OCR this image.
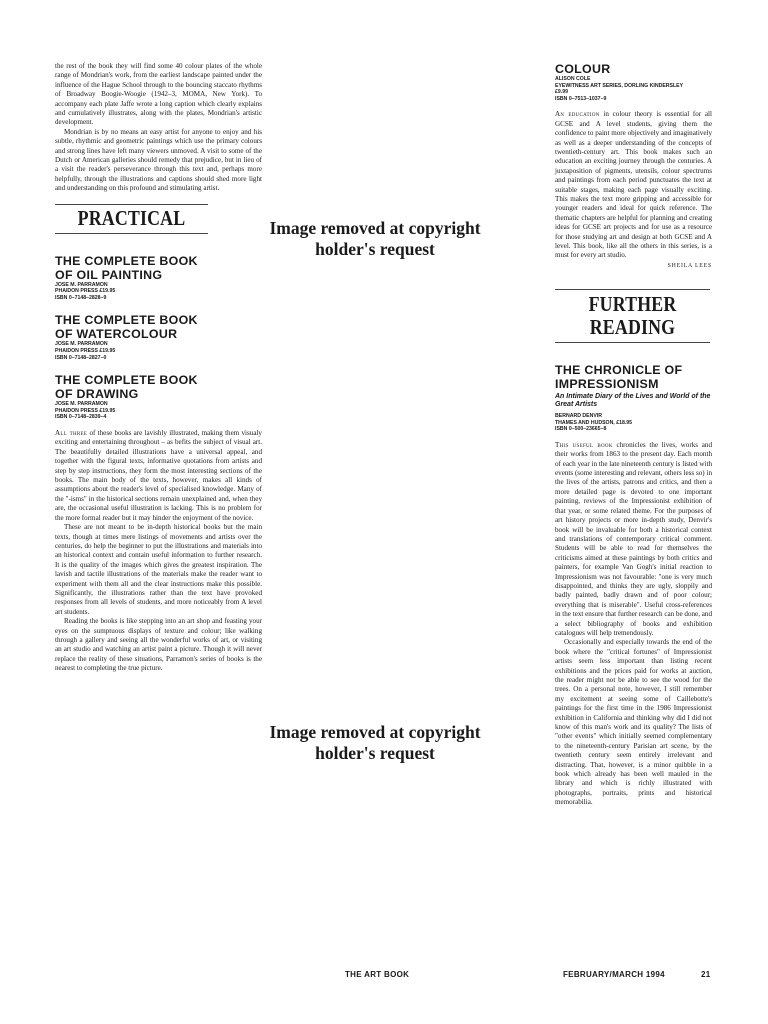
the rest of the book they will find some 40 colour plates of the whole range of Mondrian's work, from the earliest landscape painted under the influence of the Hague School through to the bouncing staccato rhythms of Broadway Boogie-Woogie (1942–3, MOMA, New York). To accompany each plate Jaffe wrote a long caption which clearly explains and cumulatively illustrates, along with the plates, Mondrian's artistic development.

Mondrian is by no means an easy artist for anyone to enjoy and his subtle, rhythmic and geometric paintings which use the primary colours and strong lines have left many viewers unmoved. A visit to some of the Dutch or American galleries should remedy that prejudice, but in lieu of a visit the reader's perseverance through this text and, perhaps more helpfully, through the illustrations and captions should shed more light and understanding on this profound and stimulating artist.

PRACTICAL

THE COMPLETE BOOK OF OIL PAINTING

JOSE M. PARRAMON

PHAIDON PRESS £19.95

ISBN 0–7148–2828–9

THE COMPLETE BOOK OF WATERCOLOUR

JOSE M. PARRAMON

PHAIDON PRESS £19.95

ISBN 0–7148–2827–0

THE COMPLETE BOOK OF DRAWING

JOSE M. PARRAMON

PHAIDON PRESS £19.95

ISBN 0–7148–2839–4

All three of these books are lavishly illustrated, making them visualy exciting and entertaining throughout – as befits the subject of visual art. The beautifully detailed illustrations have a universal appeal, and together with the figural texts, informative quotations from artists and step by step instructions, they form the most interesting sections of the books. The main body of the texts, however, makes all kinds of assumptions about the reader's level of specialised knowledge. Many of the "-isms" in the historical sections remain unexplained and, when they are, the occasional useful illustration is lacking. This is no problem for the more formal reader but it may hinder the enjoyment of the novice.

These are not meant to be in-depth historical books but the main texts, though at times mere listings of movements and artists over the centuries, do help the beginner to put the illustrations and materials into an historical context and contain useful information to further research. It is the quality of the images which gives the greatest inspiration. The lavish and tactile illustrations of the materials make the reader want to experiment with them all and the clear instructions make this possible. Significantly, the illustrations rather than the text have provoked responses from all levels of students, and more noticeably from A level art students.

Reading the books is like stepping into an art shop and feasting your eyes on the sumptuous displays of texture and colour; like walking through a gallery and seeing all the wonderful works of art, or visiting an art studio and watching an artist paint a picture. Though it will never replace the reality of these situations, Parramon's series of books is the nearest to completing the true picture.

Image removed at copyright holder's request
Image removed at copyright holder's request

COLOUR

ALISON COLE

EYEWITNESS ART SERIES, DORLING KINDERSLEY

£9.99

ISBN 0–7513–1037–9

An education in colour theory is essential for all GCSE and A level students, giving them the confidence to paint more objectively and imaginatively as well as a deeper understanding of the concepts of twentieth-century art. This book makes such an education an exciting journey through the centuries. A juxtaposition of pigments, utensils, colour spectrums and paintings from each period punctuates the text at suitable stages, making each page visually exciting. This makes the text more gripping and accessible for younger readers and ideal for quick reference. The thematic chapters are helpful for planning and creating ideas for GCSE art projects and for use as a resource for those studying art and design at both GCSE and A level. This book, like all the others in this series, is a must for every art studio.

SHEILA LEES
FURTHER
READING

THE CHRONICLE OF IMPRESSIONISM

An Intimate Diary of the Lives and World of the Great Artists

BERNARD DENVIR

THAMES AND HUDSON, £18.95

ISBN 0–500–23665–8

This useful book chronicles the lives, works and their works from 1863 to the present day. Each month of each year in the late nineteenth century is listed with events (some interesting and relevant, others less so) in the lives of the artists, patrons and critics, and then a more detailed page is devoted to one important painting, reviews of the Impressionist exhibition of that year, or some related theme. For the purposes of art history projects or more in-depth study, Denvir's book will be invaluable for both a historical context and translations of contemporary critical comment. Students will be able to read for themselves the criticisms aimed at these paintings by both critics and painters, for example Van Gogh's initial reaction to Impressionism was not favourable: "one is very much disappointed, and thinks they are ugly, sloppily and badly painted, badly drawn and of poor colour; everything that is miserable". Useful cross-references in the text ensure that further research can be done, and a select bibliography of books and exhibition catalogues will help tremendously.

Occasionally and especially towards the end of the book where the "critical fortunes" of Impressionist artists seem less important than listing recent exhibitions and the prices paid for works at auction, the reader might not be able to see the wood for the trees. On a personal note, however, I still remember my excitement at seeing some of Caillebotte's paintings for the first time in the 1986 Impressionist exhibition in California and thinking why did I did not know of this man's work and its quality? The lists of "other events" which initially seemed complementary to the nineteenth-century Parisian art scene, by the twentieth century seem entirely irrelevant and distracting. That, however, is a minor quibble in a book which already has been well mauled in the library and which is richly illustrated with photographs, portraits, prints and historical memorabilia.

THE ART BOOK	FEBRUARY/MARCH 1994	21
